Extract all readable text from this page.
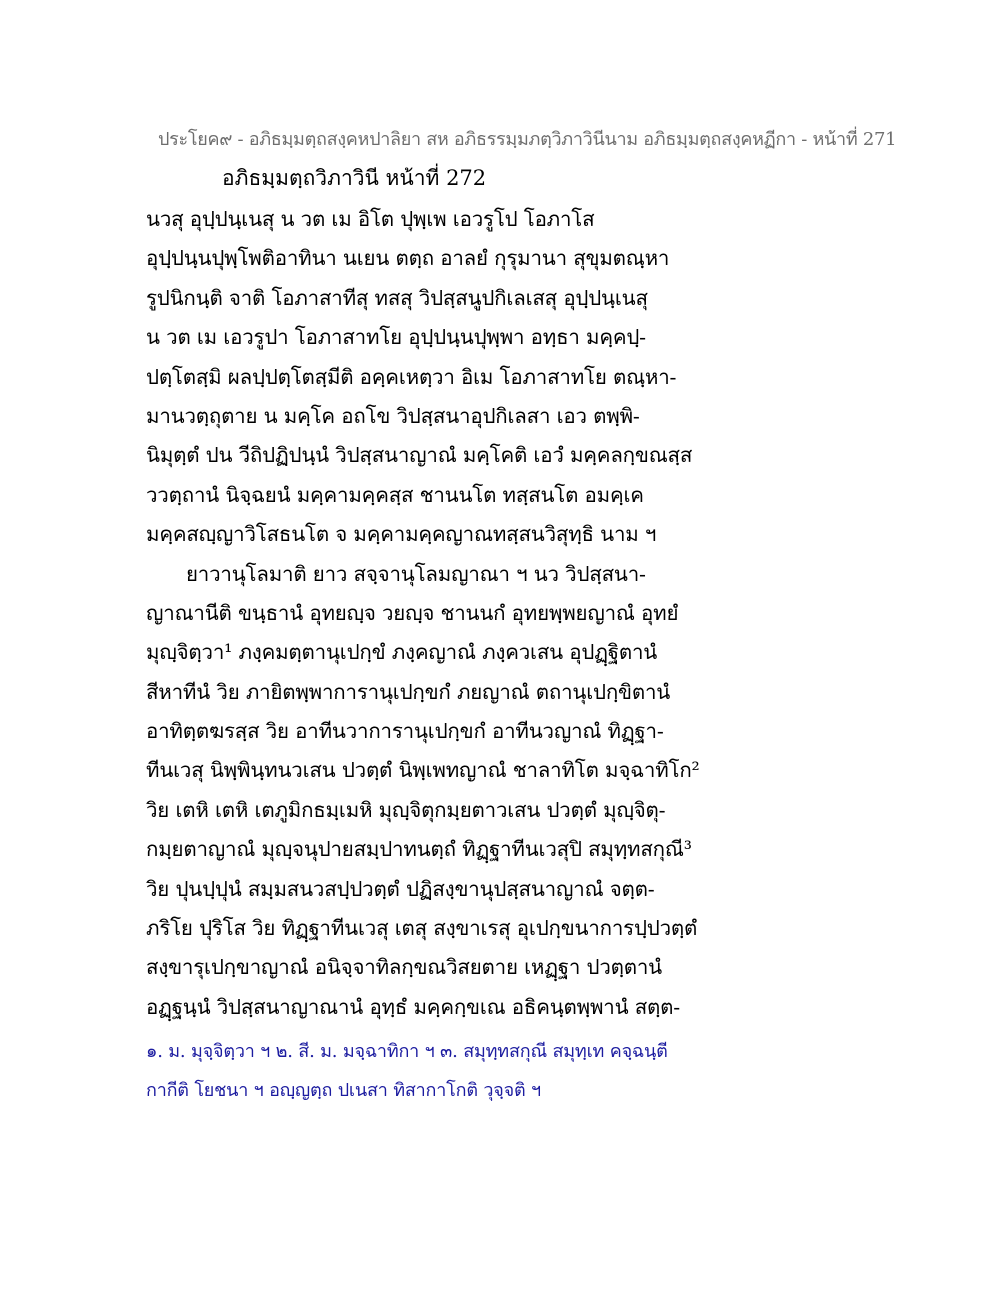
ประโยค๙ - อภิธมฺมตฺถสงฺคหปาลิยา สห อภิธรรมฺมภตฺวิภาวินีนาม อภิธมฺมตฺถสงฺคหฏีกา - หน้าที่ 271
อภิธมฺมตฺถวิภาวินี หน้าที่ 272
นวสุ อุปฺปนฺเนสุ น วต เม อิโต ปุพฺเพ เอวรูโป โอภาโส
อุปฺปนฺนปุพฺโพติอาทินา นเยน ตตฺถ อาลยํ กุรุมานา สุขุมตณฺหา
รูปนิกนฺติ จาติ โอภาสาทีสุ ทสสุ วิปสฺสนูปกิเลเสสุ อุปฺปนฺเนสุ
น วต เม เอวรูปา โอภาสาทโย อุปฺปนฺนปุพฺพา อทฺธา มคฺคปฺ-
ปตฺโตสฺมิ ผลปฺปตฺโตสฺมีติ อคฺคเหตฺวา อิเม โอภาสาทโย ตณฺหา-
มานวตฺถุตาย น มคฺโค อถโข วิปสฺสนาอุปกิเลสา เอว ตพฺพิ-
นิมุตฺตํ ปน วีถิปฏิปนฺนํ วิปสฺสนาญาณํ มคฺโคติ เอวํ มคฺคลกฺขณสฺส
ววตฺถานํ นิจฺฉยนํ มคฺคามคฺคสฺส ชานนโต ทสฺสนโต อมคฺเค
มคฺคสญฺญาวิโสธนโต จ มคฺคามคฺคญาณทสฺสนวิสุทฺธิ นาม ฯ
ยาวานุโลมาติ ยาว สจฺจานุโลมญาณา ฯ นว วิปสฺสนา-
ญาณานีติ ขนฺธานํ อุทยญฺจ วยญฺจ ชานนกํ อุทยพฺพยญาณํ อุทยํ
มุญฺจิตฺวา¹ ภงฺคมตฺตานุเปกฺขํ ภงฺคญาณํ ภงฺควเสน อุปฏฺฐิตานํ
สีหาทีนํ วิย ภายิตพฺพาการานุเปกฺขกํ ภยญาณํ ตถานุเปกฺขิตานํ
อาทิตฺตฆรสฺส วิย อาทีนวาการานุเปกฺขกํ อาทีนวญาณํ ทิฏฺฐา-
ทีนเวสุ นิพฺพินฺทนวเสน ปวตฺตํ นิพฺเพทญาณํ ชาลาทิโต มจฺฉาทิโก²
วิย เตหิ เตหิ เตภูมิกธมฺเมหิ มุญฺจิตุกมฺยตาวเสน ปวตฺตํ มุญฺจิตุ-
กมฺยตาญาณํ มุญฺจนุปายสมฺปาทนตฺถํ ทิฏฺฐาทีนเวสุปิ สมุทฺทสกุณี³
วิย ปุนปฺปุนํ สมฺมสนวสปฺปวตฺตํ ปฏิสงฺขานุปสฺสนาญาณํ จตฺต-
ภริโย ปุริโส วิย ทิฏฺฐาทีนเวสุ เตสุ สงฺขาเรสุ อุเปกฺขนาการปฺปวตฺตํ
สงฺขารุเปกฺขาญาณํ อนิจฺจาทิลกฺขณวิสยตาย เหฏฺฐา ปวตฺตานํ
อฏฺฐนฺนํ วิปสฺสนาญาณานํ อุทฺธํ มคฺคกฺขเณ อธิคนฺตพฺพานํ สตฺต-
๑. ม. มุจฺจิตฺวา ฯ ๒. สี. ม. มจฺฉาทิกา ฯ ๓. สมุทฺทสกุณี สมุทฺเท คจฺฉนฺตี
กากีติ โยชนา ฯ อญฺญตฺถ ปเนสา ทิสากาโกติ วุจฺจติ ฯ
